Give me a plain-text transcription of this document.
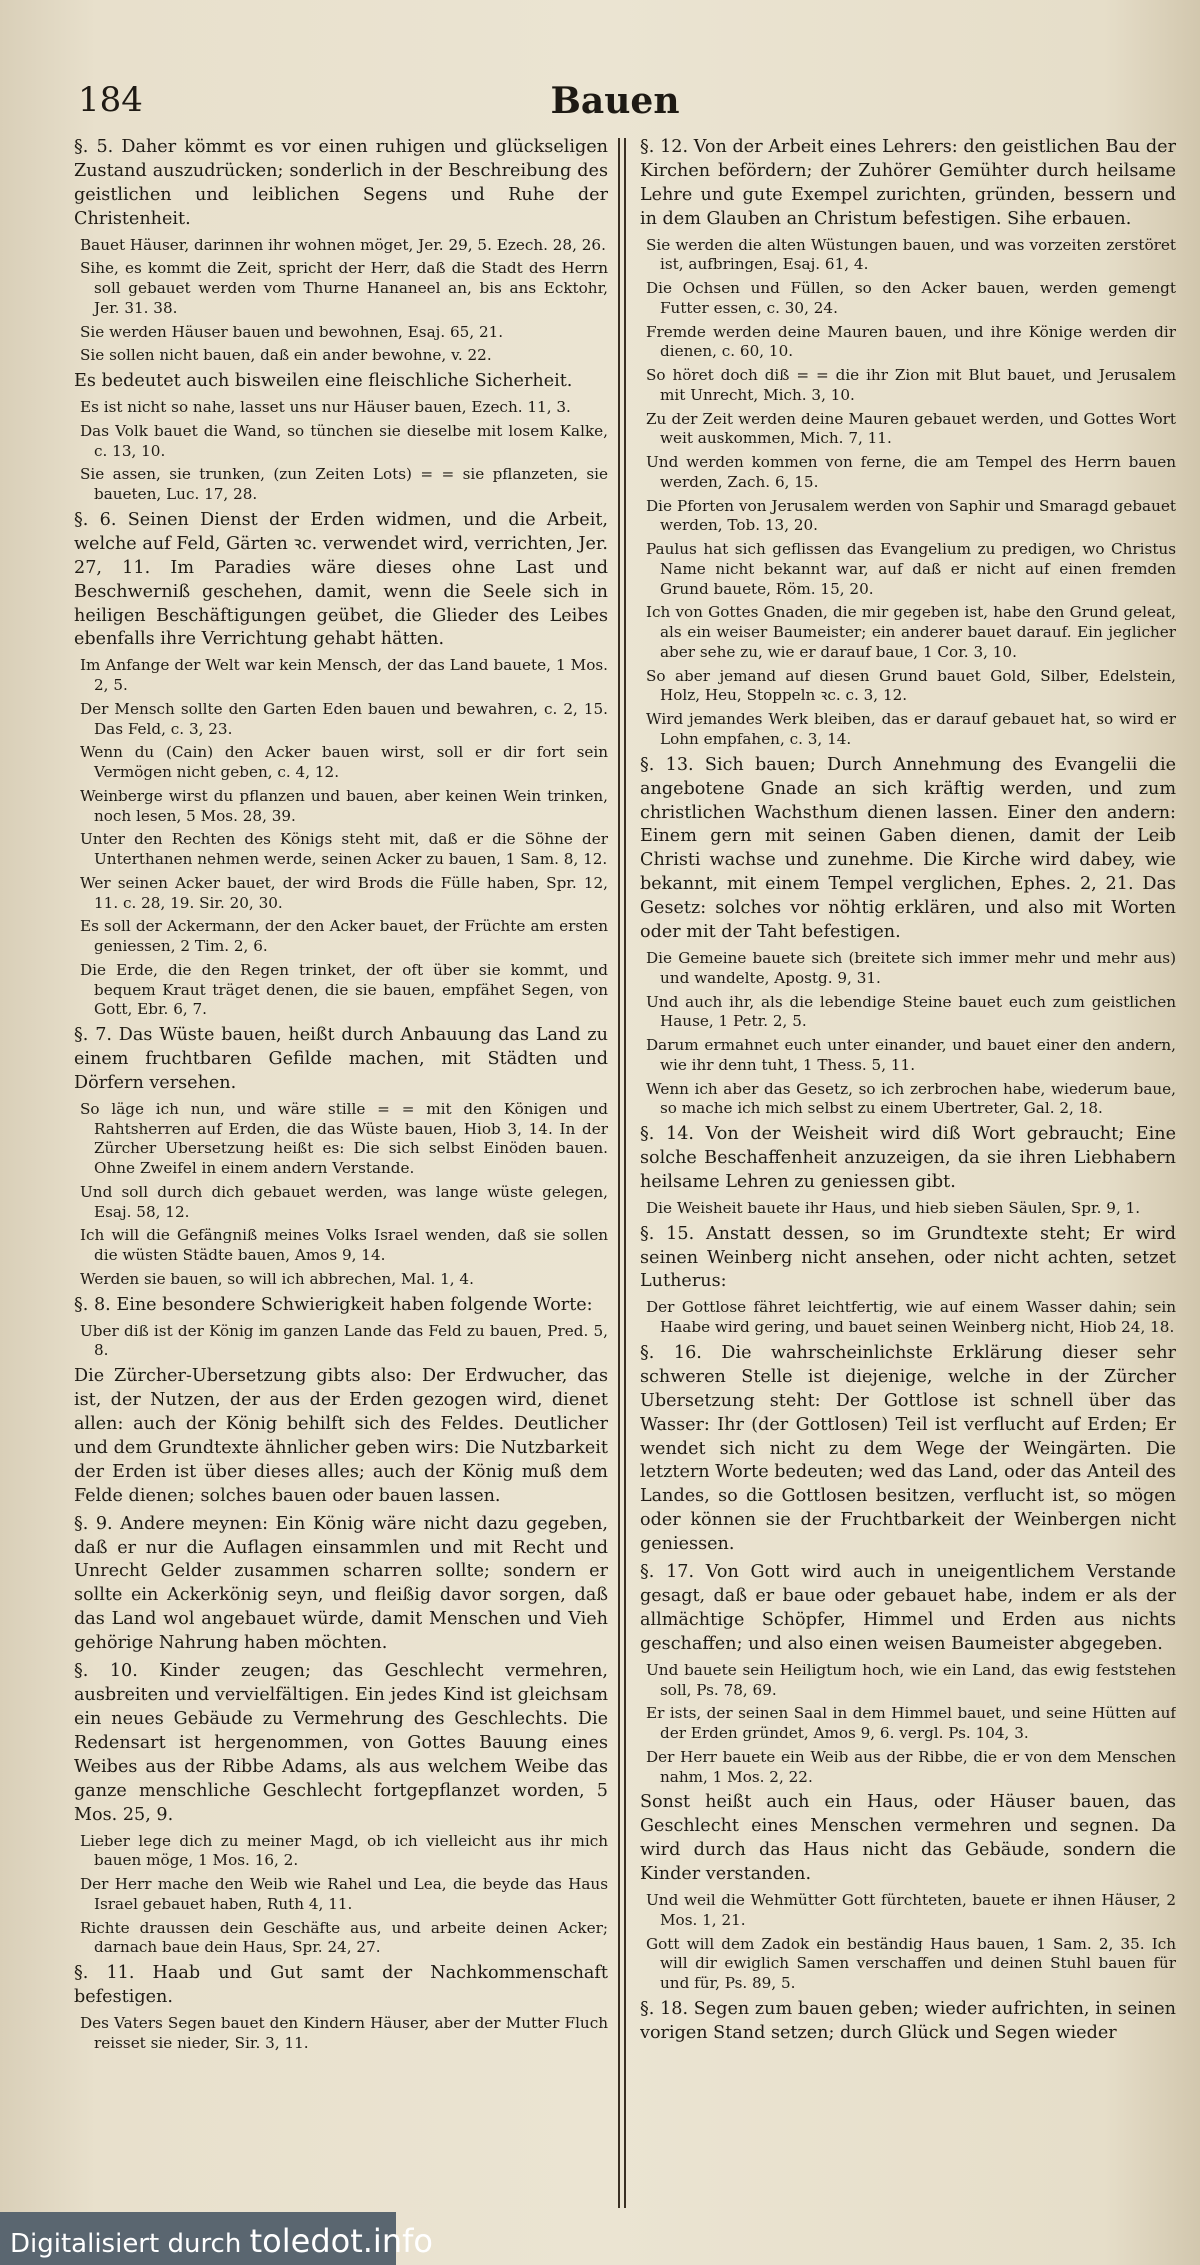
184	Bauen

§. 5. Daher kömmt es vor einen ruhigen und glückseligen Zustand auszudrücken; sonderlich in der Beschreibung des geistlichen und leiblichen Segens und Ruhe der Christenheit.

Bauet Häuser, darinnen ihr wohnen möget, Jer. 29, 5. Ezech. 28, 26.

Sihe, es kommt die Zeit, spricht der Herr, daß die Stadt des Herrn soll gebauet werden vom Thurne Hananeel an, bis ans Ecktohr, Jer. 31. 38.

Sie werden Häuser bauen und bewohnen, Esaj. 65, 21.

Sie sollen nicht bauen, daß ein ander bewohne, v. 22.

Es bedeutet auch bisweilen eine fleischliche Sicherheit.

Es ist nicht so nahe, lasset uns nur Häuser bauen, Ezech. 11, 3.

Das Volk bauet die Wand, so tünchen sie dieselbe mit losem Kalke, c. 13, 10.

Sie assen, sie trunken, (zun Zeiten Lots) = = sie pflanzeten, sie baueten, Luc. 17, 28.

§. 6. Seinen Dienst der Erden widmen, und die Arbeit, welche auf Feld, Gärten ꝛc. verwendet wird, verrichten, Jer. 27, 11. Im Paradies wäre dieses ohne Last und Beschwerniß geschehen, damit, wenn die Seele sich in heiligen Beschäftigungen geübet, die Glieder des Leibes ebenfalls ihre Verrichtung gehabt hätten.

Im Anfange der Welt war kein Mensch, der das Land bauete, 1 Mos. 2, 5.

Der Mensch sollte den Garten Eden bauen und bewahren, c. 2, 15. Das Feld, c. 3, 23.

Wenn du (Cain) den Acker bauen wirst, soll er dir fort sein Vermögen nicht geben, c. 4, 12.

Weinberge wirst du pflanzen und bauen, aber keinen Wein trinken, noch lesen, 5 Mos. 28, 39.

Unter den Rechten des Königs steht mit, daß er die Söhne der Unterthanen nehmen werde, seinen Acker zu bauen, 1 Sam. 8, 12.

Wer seinen Acker bauet, der wird Brods die Fülle haben, Spr. 12, 11. c. 28, 19. Sir. 20, 30.

Es soll der Ackermann, der den Acker bauet, der Früchte am ersten geniessen, 2 Tim. 2, 6.

Die Erde, die den Regen trinket, der oft über sie kommt, und bequem Kraut träget denen, die sie bauen, empfähet Segen, von Gott, Ebr. 6, 7.

§. 7. Das Wüste bauen, heißt durch Anbauung das Land zu einem fruchtbaren Gefilde machen, mit Städten und Dörfern versehen.

So läge ich nun, und wäre stille = = mit den Königen und Rahtsherren auf Erden, die das Wüste bauen, Hiob 3, 14. In der Zürcher Ubersetzung heißt es: Die sich selbst Einöden bauen. Ohne Zweifel in einem andern Verstande.

Und soll durch dich gebauet werden, was lange wüste gelegen, Esaj. 58, 12.

Ich will die Gefängniß meines Volks Israel wenden, daß sie sollen die wüsten Städte bauen, Amos 9, 14.

Werden sie bauen, so will ich abbrechen, Mal. 1, 4.

§. 8. Eine besondere Schwierigkeit haben folgende Worte:

Uber diß ist der König im ganzen Lande das Feld zu bauen, Pred. 5, 8.

Die Zürcher-Ubersetzung gibts also: Der Erdwucher, das ist, der Nutzen, der aus der Erden gezogen wird, dienet allen: auch der König behilft sich des Feldes. Deutlicher und dem Grundtexte ähnlicher geben wirs: Die Nutzbarkeit der Erden ist über dieses alles; auch der König muß dem Felde dienen; solches bauen oder bauen lassen.

§. 9. Andere meynen: Ein König wäre nicht dazu gegeben, daß er nur die Auflagen einsammlen und mit Recht und Unrecht Gelder zusammen scharren sollte; sondern er sollte ein Ackerkönig seyn, und fleißig davor sorgen, daß das Land wol angebauet würde, damit Menschen und Vieh gehörige Nahrung haben möchten.

§. 10. Kinder zeugen; das Geschlecht vermehren, ausbreiten und vervielfältigen. Ein jedes Kind ist gleichsam ein neues Gebäude zu Vermehrung des Geschlechts. Die Redensart ist hergenommen, von Gottes Bauung eines Weibes aus der Ribbe Adams, als aus welchem Weibe das ganze menschliche Geschlecht fortgepflanzet worden, 5 Mos. 25, 9.

Lieber lege dich zu meiner Magd, ob ich vielleicht aus ihr mich bauen möge, 1 Mos. 16, 2.

Der Herr mache den Weib wie Rahel und Lea, die beyde das Haus Israel gebauet haben, Ruth 4, 11.

Richte draussen dein Geschäfte aus, und arbeite deinen Acker; darnach baue dein Haus, Spr. 24, 27.

§. 11. Haab und Gut samt der Nachkommenschaft befestigen.

Des Vaters Segen bauet den Kindern Häuser, aber der Mutter Fluch reisset sie nieder, Sir. 3, 11.

§. 12. Von der Arbeit eines Lehrers: den geistlichen Bau der Kirchen befördern; der Zuhörer Gemühter durch heilsame Lehre und gute Exempel zurichten, gründen, bessern und in dem Glauben an Christum befestigen. Sihe erbauen.

Sie werden die alten Wüstungen bauen, und was vorzeiten zerstöret ist, aufbringen, Esaj. 61, 4.

Die Ochsen und Füllen, so den Acker bauen, werden gemengt Futter essen, c. 30, 24.

Fremde werden deine Mauren bauen, und ihre Könige werden dir dienen, c. 60, 10.

So höret doch diß = = die ihr Zion mit Blut bauet, und Jerusalem mit Unrecht, Mich. 3, 10.

Zu der Zeit werden deine Mauren gebauet werden, und Gottes Wort weit auskommen, Mich. 7, 11.

Und werden kommen von ferne, die am Tempel des Herrn bauen werden, Zach. 6, 15.

Die Pforten von Jerusalem werden von Saphir und Smaragd gebauet werden, Tob. 13, 20.

Paulus hat sich geflissen das Evangelium zu predigen, wo Christus Name nicht bekannt war, auf daß er nicht auf einen fremden Grund bauete, Röm. 15, 20.

Ich von Gottes Gnaden, die mir gegeben ist, habe den Grund geleat, als ein weiser Baumeister; ein anderer bauet darauf. Ein jeglicher aber sehe zu, wie er darauf baue, 1 Cor. 3, 10.

So aber jemand auf diesen Grund bauet Gold, Silber, Edelstein, Holz, Heu, Stoppeln ꝛc. c. 3, 12.

Wird jemandes Werk bleiben, das er darauf gebauet hat, so wird er Lohn empfahen, c. 3, 14.

§. 13. Sich bauen; Durch Annehmung des Evangelii die angebotene Gnade an sich kräftig werden, und zum christlichen Wachsthum dienen lassen. Einer den andern: Einem gern mit seinen Gaben dienen, damit der Leib Christi wachse und zunehme. Die Kirche wird dabey, wie bekannt, mit einem Tempel verglichen, Ephes. 2, 21. Das Gesetz: solches vor nöhtig erklären, und also mit Worten oder mit der Taht befestigen.

Die Gemeine bauete sich (breitete sich immer mehr und mehr aus) und wandelte, Apostg. 9, 31.

Und auch ihr, als die lebendige Steine bauet euch zum geistlichen Hause, 1 Petr. 2, 5.

Darum ermahnet euch unter einander, und bauet einer den andern, wie ihr denn tuht, 1 Thess. 5, 11.

Wenn ich aber das Gesetz, so ich zerbrochen habe, wiederum baue, so mache ich mich selbst zu einem Ubertreter, Gal. 2, 18.

§. 14. Von der Weisheit wird diß Wort gebraucht; Eine solche Beschaffenheit anzuzeigen, da sie ihren Liebhabern heilsame Lehren zu geniessen gibt.

Die Weisheit bauete ihr Haus, und hieb sieben Säulen, Spr. 9, 1.

§. 15. Anstatt dessen, so im Grundtexte steht; Er wird seinen Weinberg nicht ansehen, oder nicht achten, setzet Lutherus:

Der Gottlose fähret leichtfertig, wie auf einem Wasser dahin; sein Haabe wird gering, und bauet seinen Weinberg nicht, Hiob 24, 18.

§. 16. Die wahrscheinlichste Erklärung dieser sehr schweren Stelle ist diejenige, welche in der Zürcher Ubersetzung steht: Der Gottlose ist schnell über das Wasser: Ihr (der Gottlosen) Teil ist verflucht auf Erden; Er wendet sich nicht zu dem Wege der Weingärten. Die letztern Worte bedeuten; wed das Land, oder das Anteil des Landes, so die Gottlosen besitzen, verflucht ist, so mögen oder können sie der Fruchtbarkeit der Weinbergen nicht geniessen.

§. 17. Von Gott wird auch in uneigentlichem Verstande gesagt, daß er baue oder gebauet habe, indem er als der allmächtige Schöpfer, Himmel und Erden aus nichts geschaffen; und also einen weisen Baumeister abgegeben.

Und bauete sein Heiligtum hoch, wie ein Land, das ewig feststehen soll, Ps. 78, 69.

Er ists, der seinen Saal in dem Himmel bauet, und seine Hütten auf der Erden gründet, Amos 9, 6. vergl. Ps. 104, 3.

Der Herr bauete ein Weib aus der Ribbe, die er von dem Menschen nahm, 1 Mos. 2, 22.

Sonst heißt auch ein Haus, oder Häuser bauen, das Geschlecht eines Menschen vermehren und segnen. Da wird durch das Haus nicht das Gebäude, sondern die Kinder verstanden.

Und weil die Wehmütter Gott fürchteten, bauete er ihnen Häuser, 2 Mos. 1, 21.

Gott will dem Zadok ein beständig Haus bauen, 1 Sam. 2, 35. Ich will dir ewiglich Samen verschaffen und deinen Stuhl bauen für und für, Ps. 89, 5.

§. 18. Segen zum bauen geben; wieder aufrichten, in seinen vorigen Stand setzen; durch Glück und Segen wieder

Digitalisiert durch toledot.info
